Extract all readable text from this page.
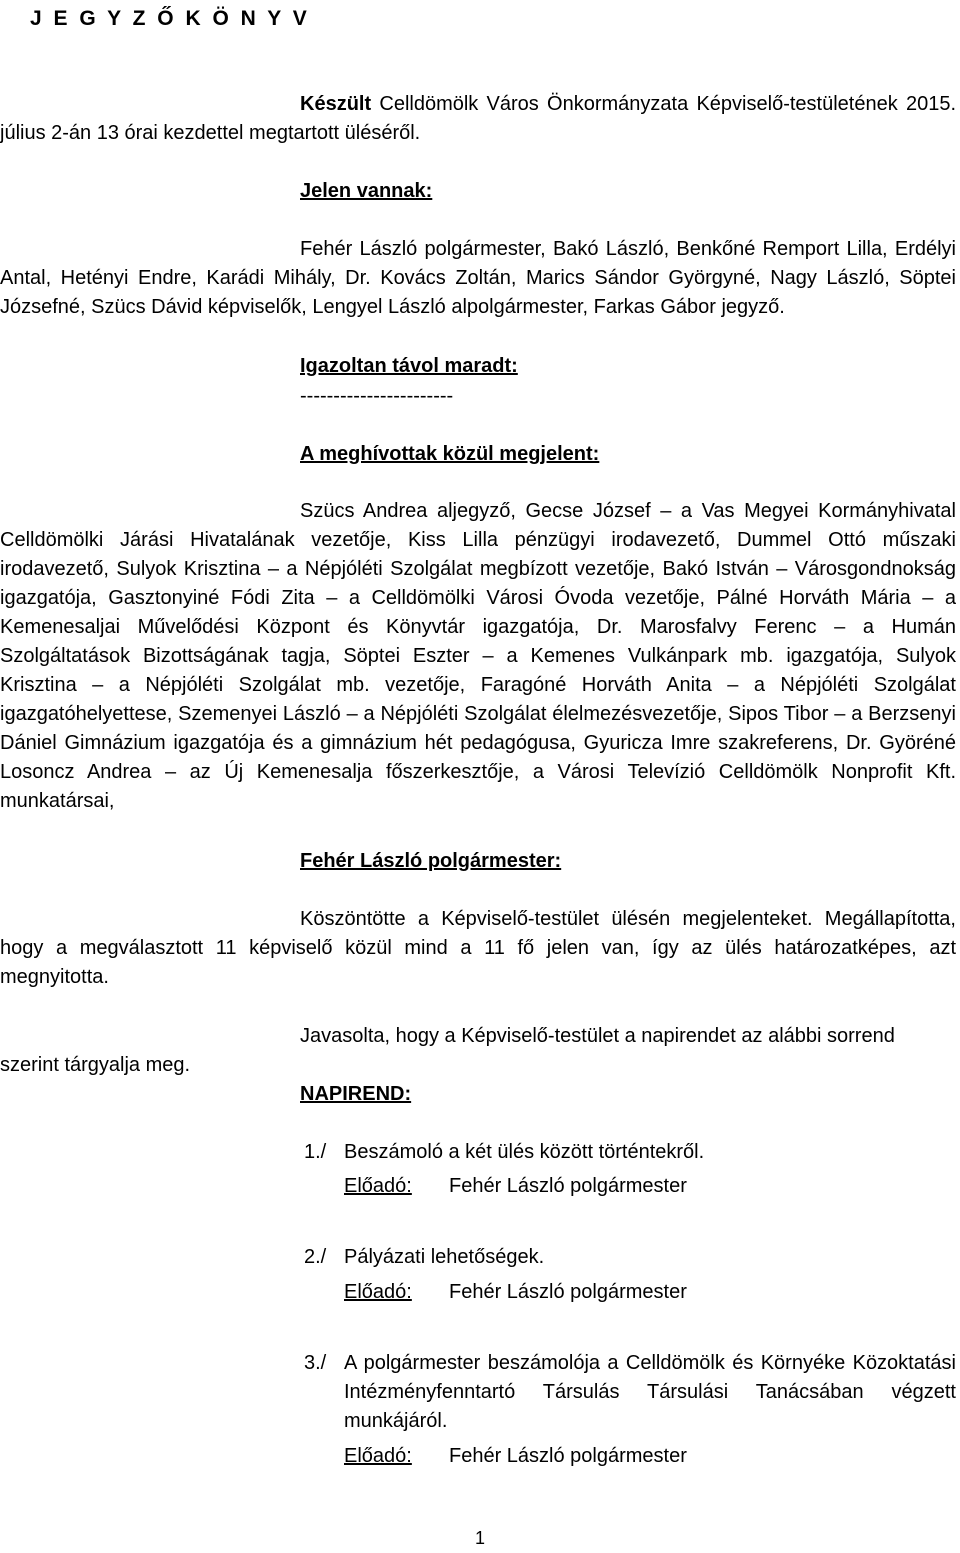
J E G Y Z Ő K Ö N Y V
Készült Celldömölk Város Önkormányzata Képviselő-testületének 2015. július 2-án 13 órai kezdettel megtartott üléséről.
Jelen vannak:
Fehér László polgármester, Bakó László, Benkőné Remport Lilla, Erdélyi Antal, Hetényi Endre, Karádi Mihály, Dr. Kovács Zoltán, Marics Sándor Györgyné, Nagy László, Söptei Józsefné, Szücs Dávid képviselők, Lengyel László alpolgármester, Farkas Gábor jegyző.
Igazoltan távol maradt:
-----------------------
A meghívottak közül megjelent:
Szücs Andrea aljegyző, Gecse József – a Vas Megyei Kormányhivatal Celldömölki Járási Hivatalának vezetője, Kiss Lilla pénzügyi irodavezető, Dummel Ottó műszaki irodavezető, Sulyok Krisztina – a Népjóléti Szolgálat megbízott vezetője, Bakó István – Városgondnokság igazgatója, Gasztonyiné Fódi Zita – a Celldömölki Városi Óvoda vezetője, Pálné Horváth Mária – a Kemenesaljai Művelődési Központ és Könyvtár igazgatója, Dr. Marosfalvy Ferenc – a Humán Szolgáltatások Bizottságának tagja, Söptei Eszter – a Kemenes Vulkánpark mb. igazgatója, Sulyok Krisztina – a Népjóléti Szolgálat mb. vezetője, Faragóné Horváth Anita – a Népjóléti Szolgálat igazgatóhelyettese, Szemenyei László – a Népjóléti Szolgálat élelmezésvezetője, Sipos Tibor – a Berzsenyi Dániel Gimnázium igazgatója és a gimnázium hét pedagógusa, Gyuricza Imre szakreferens, Dr. Györéné Losoncz Andrea – az Új Kemenesalja főszerkesztője, a Városi Televízió Celldömölk Nonprofit Kft. munkatársai,
Fehér László polgármester:
Köszöntötte a Képviselő-testület ülésén megjelenteket. Megállapította, hogy a megválasztott 11 képviselő közül mind a 11 fő jelen van, így az ülés határozatképes, azt megnyitotta.
Javasolta, hogy a Képviselő-testület a napirendet az alábbi sorrend
szerint tárgyalja meg.
NAPIREND:
1./ Beszámoló a két ülés között történtekről.
Előadó: Fehér László polgármester
2./ Pályázati lehetőségek.
Előadó: Fehér László polgármester
3./ A polgármester beszámolója a Celldömölk és Környéke Közoktatási Intézményfenntartó Társulás Társulási Tanácsában végzett munkájáról.
Előadó: Fehér László polgármester
1
